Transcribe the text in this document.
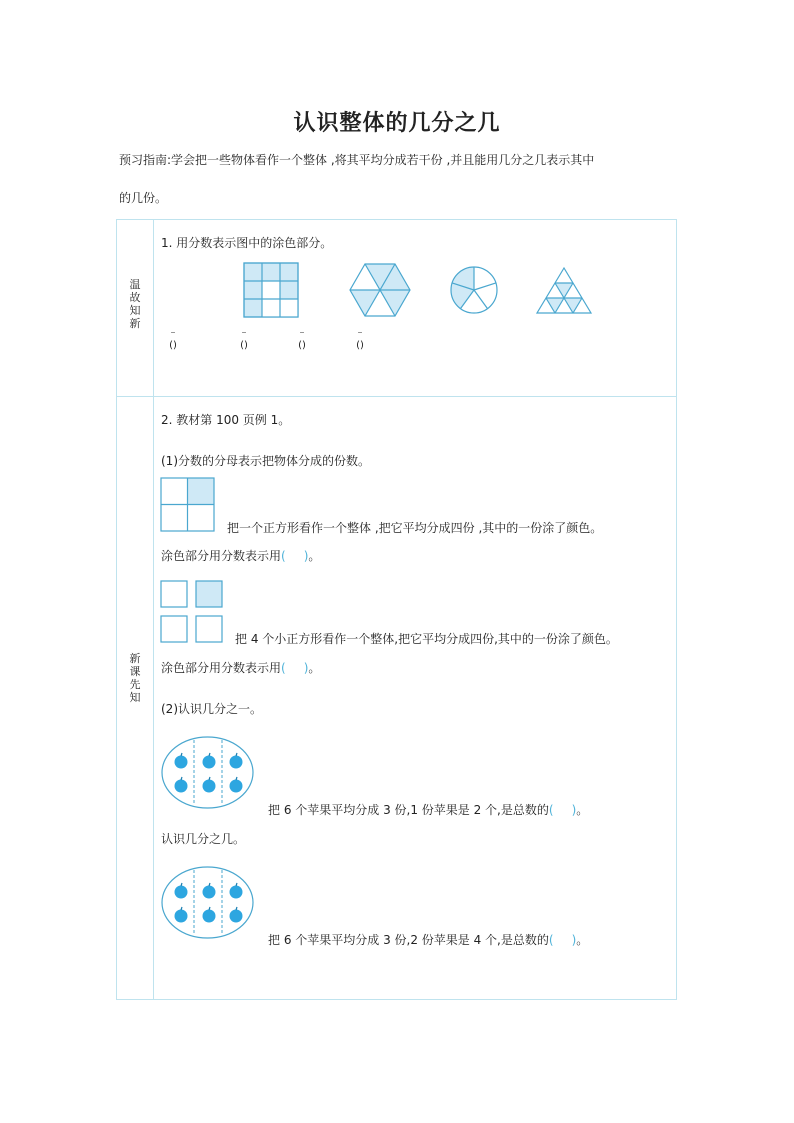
认识整体的几分之几
预习指南:学会把一些物体看作一个整体 ,将其平均分成若干份 ,并且能用几分之几表示其中
的几份。
温故知新
1. 用分数表示图中的涂色部分。
⁻
()
⁻
()
⁻
()
⁻
()
新课先知
2. 教材第 100 页例 1。
(1)分数的分母表示把物体分成的份数。
把一个正方形看作一个整体 ,把它平均分成四份 ,其中的一份涂了颜色。
涂色部分用分数表示用( )。
把 4 个小正方形看作一个整体,把它平均分成四份,其中的一份涂了颜色。
涂色部分用分数表示用( )。
(2)认识几分之一。
把 6 个苹果平均分成 3 份,1 份苹果是 2 个,是总数的( )。
认识几分之几。
把 6 个苹果平均分成 3 份,2 份苹果是 4 个,是总数的( )。
